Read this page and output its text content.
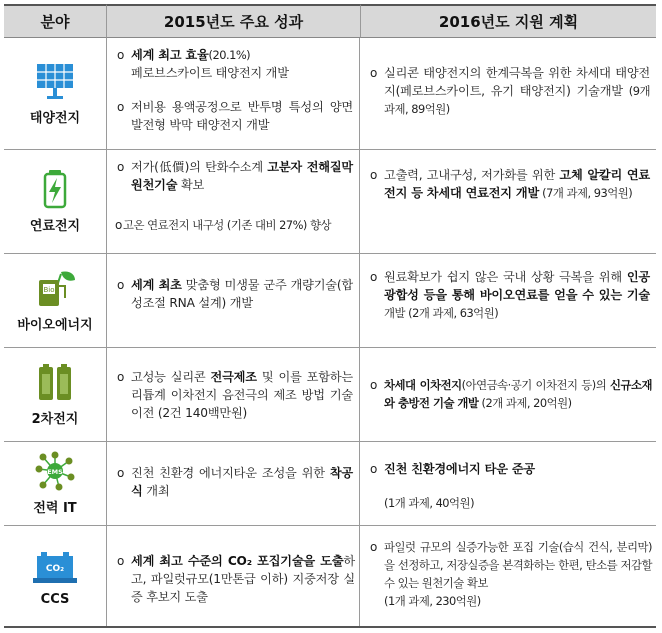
분야	2015년도 주요 성과	2016년도 지원 계획
태양전지
o 세계 최고 효율(20.1%)
페로브스카이트 태양전지 개발
o 저비용 용액공정으로 반투명 특성의 양면 발전형 박막 태양전지 개발
o 실리콘 태양전지의 한계극복을 위한 차세대 태양전지(페로브스카이트, 유기 태양전지) 기술개발 (9개 과제, 89억원)
연료전지
o 저가(低價)의 탄화수소계 고분자 전해질막 원천기술 확보
o 고온 연료전지 내구성 (기존 대비 27%) 향상
o 고출력, 고내구성, 저가화를 위한 고체 알칼리 연료전지 등 차세대 연료전지 개발 (7개 과제, 93억원)
Bio
바이오에너지
o 세계 최초 맞춤형 미생물 군주 개량기술(합성조절 RNA 설계) 개발
o 원료확보가 쉽지 않은 국내 상황 극복을 위해 인공광합성 등을 통해 바이오연료를 얻을 수 있는 기술 개발 (2개 과제, 63억원)
2차전지
o 고성능 실리콘 전극제조 및 이를 포함하는 리튬계 이차전지 음전극의 제조 방법 기술 이전 (2건 140백만원)
o 차세대 이차전지(아연금속·공기 이차전지 등)의 신규소재와 충방전 기술 개발 (2개 과제, 20억원)
EMS
전력 IT
o 진천 친환경 에너지타운 조성을 위한 착공식 개최
o 진천 친환경에너지 타운 준공
(1개 과제, 40억원)
CO₂
CCS
o 세계 최고 수준의 CO₂ 포집기술을 도출하고, 파일럿규모(1만톤급 이하) 지중저장 실증 후보지 도출
o 파일럿 규모의 실증가능한 포집 기술(습식 건식, 분리막)을 선정하고, 저장실증을 본격화하는 한편, 탄소를 저감할 수 있는 원천기술 확보
(1개 과제, 230억원)
